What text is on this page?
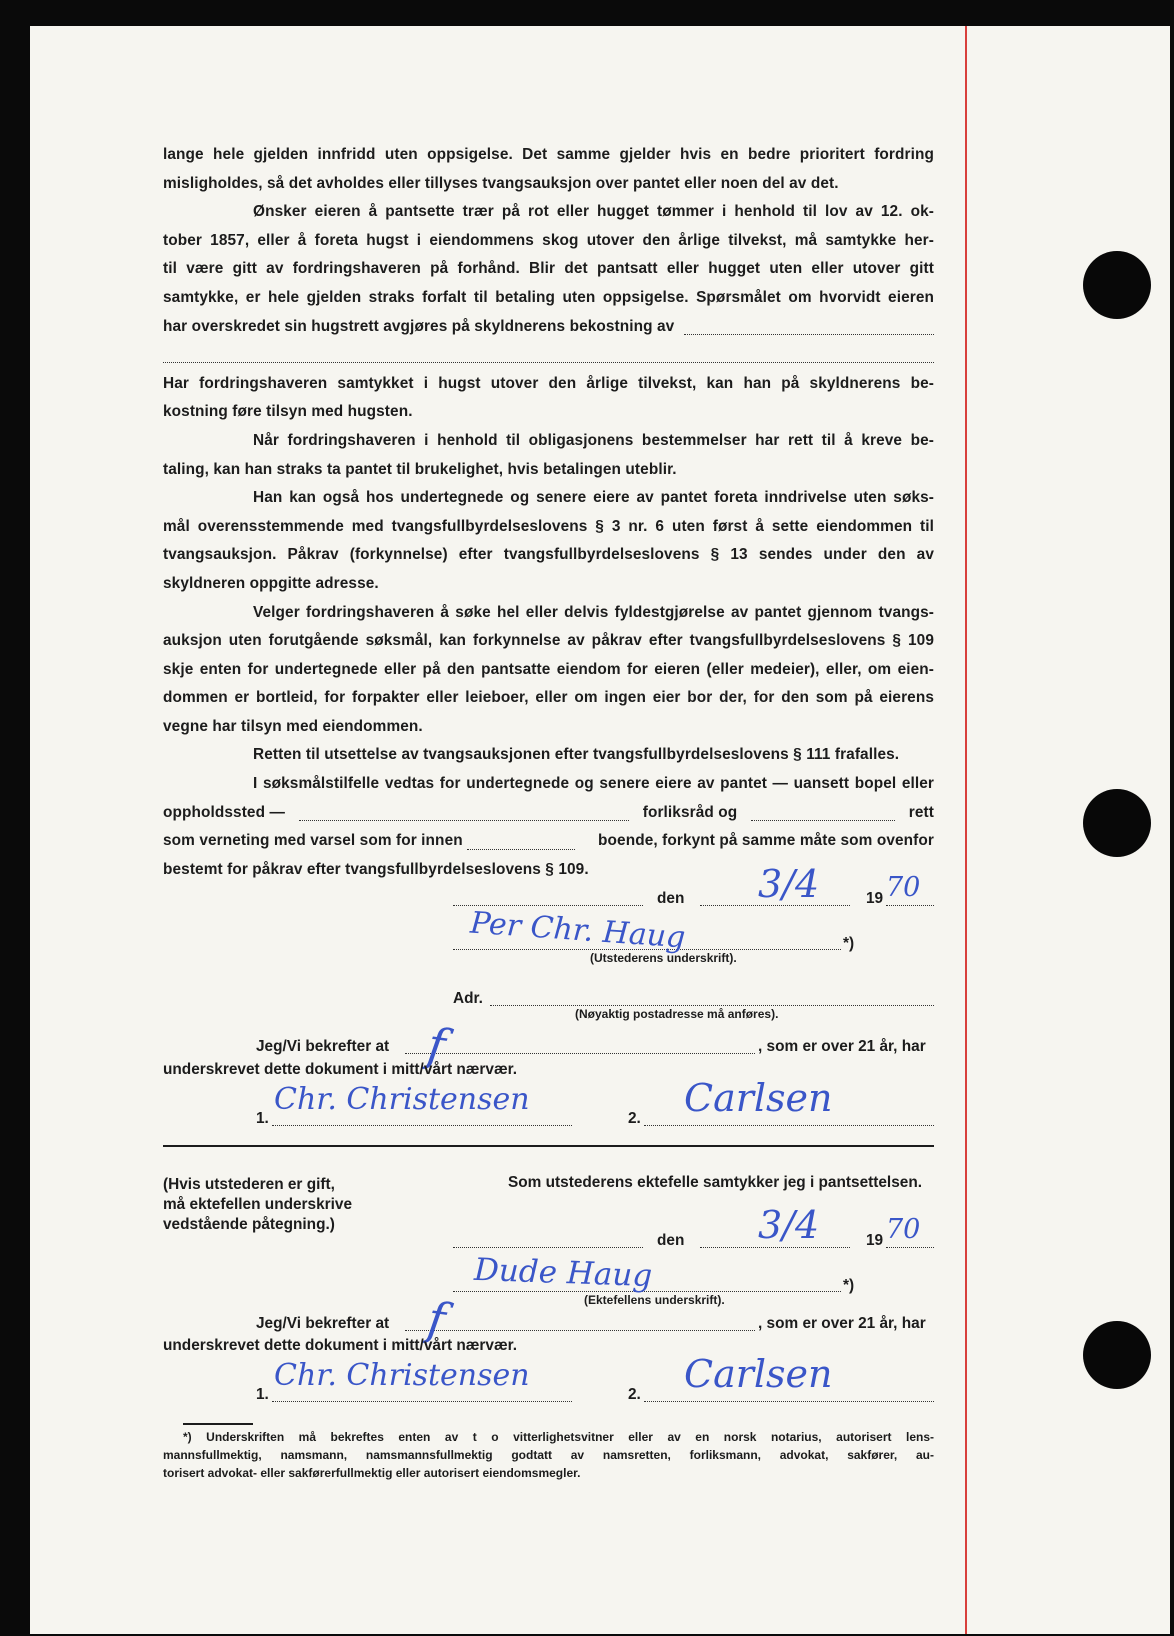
lange hele gjelden innfridd uten oppsigelse. Det samme gjelder hvis en bedre prioritert fordring
misligholdes, så det avholdes eller tillyses tvangsauksjon over pantet eller noen del av det.
Ønsker eieren å pantsette trær på rot eller hugget tømmer i henhold til lov av 12. ok-
tober 1857, eller å foreta hugst i eiendommens skog utover den årlige tilvekst, må samtykke her-
til være gitt av fordringshaveren på forhånd. Blir det pantsatt eller hugget uten eller utover gitt
samtykke, er hele gjelden straks forfalt til betaling uten oppsigelse. Spørsmålet om hvorvidt eieren
har overskredet sin hugstrett avgjøres på skyldnerens bekostning av
Har fordringshaveren samtykket i hugst utover den årlige tilvekst, kan han på skyldnerens be-
kostning føre tilsyn med hugsten.
Når fordringshaveren i henhold til obligasjonens bestemmelser har rett til å kreve be-
taling, kan han straks ta pantet til brukelighet, hvis betalingen uteblir.
Han kan også hos undertegnede og senere eiere av pantet foreta inndrivelse uten søks-
mål overensstemmende med tvangsfullbyrdelseslovens § 3 nr. 6 uten først å sette eiendommen til
tvangsauksjon. Påkrav (forkynnelse) efter tvangsfullbyrdelseslovens § 13 sendes under den av
skyldneren oppgitte adresse.
Velger fordringshaveren å søke hel eller delvis fyldestgjørelse av pantet gjennom tvangs-
auksjon uten forutgående søksmål, kan forkynnelse av påkrav efter tvangsfullbyrdelseslovens § 109
skje enten for undertegnede eller på den pantsatte eiendom for eieren (eller medeier), eller, om eien-
dommen er bortleid, for forpakter eller leieboer, eller om ingen eier bor der, for den som på eierens
vegne har tilsyn med eiendommen.
Retten til utsettelse av tvangsauksjonen efter tvangsfullbyrdelseslovens § 111 frafalles.
I søksmålstilfelle vedtas for undertegnede og senere eiere av pantet — uansett bopel eller
oppholdssted —	forliksråd og	rett
som verneting med varsel som for innen	boende, forkynt på samme måte som ovenfor
bestemt for påkrav efter tvangsfullbyrdelseslovens § 109.
den 3/4	19 70
Per Chr. Haug	*)
(Utstederens underskrift).
Adr.
(Nøyaktig postadresse må anføres).
Jeg/Vi bekrefter at f	, som er over 21 år, har
underskrevet dette dokument i mitt/vårt nærvær.
1.
Chr. Christensen
2. Carlsen
(Hvis utstederen er gift,
må ektefellen underskrive
vedstående påtegning.)
Som utstederens ektefelle samtykker jeg i pantsettelsen.
den 3/4	19 70
Dude Haug	*)
(Ektefellens underskrift).
Jeg/Vi bekrefter at f	, som er over 21 år, har
underskrevet dette dokument i mitt/vårt nærvær.
1.
Chr. Christensen
2. Carlsen
*) Underskriften må bekreftes enten av t o vitterlighetsvitner eller av en norsk notarius, autorisert lens-
mannsfullmektig, namsmann, namsmannsfullmektig godtatt av namsretten, forliksmann, advokat, sakfører, au-
torisert advokat- eller sakførerfullmektig eller autorisert eiendomsmegler.
